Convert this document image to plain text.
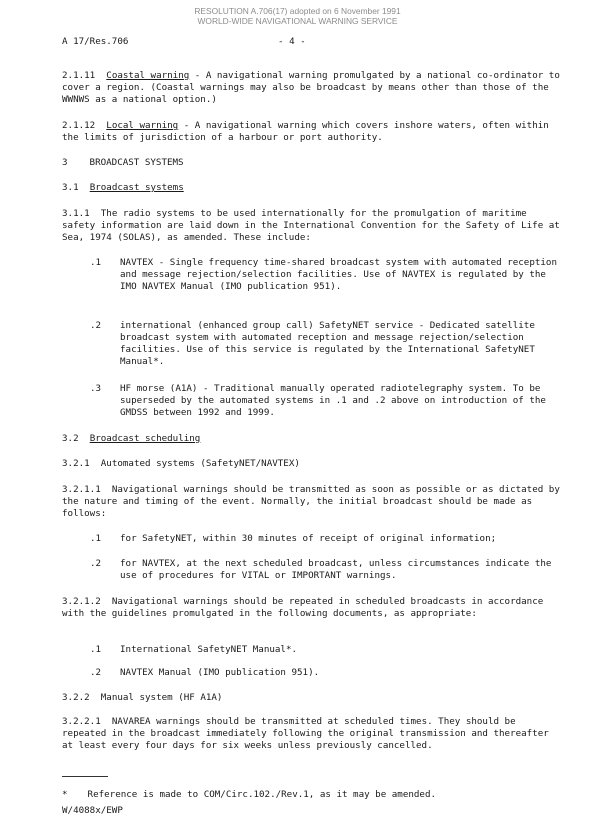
RESOLUTION A.706(17) adopted on 6 November 1991
WORLD-WIDE NAVIGATIONAL WARNING SERVICE
A 17/Res.706	- 4 -

2.1.11 Coastal warning - A navigational warning promulgated by a national co-ordinator to cover a region. (Coastal warnings may also be broadcast by means other than those of the WWNWS as a national option.)

2.1.12 Local warning - A navigational warning which covers inshore waters, often within the limits of jurisdiction of a harbour or port authority.

3 BROADCAST SYSTEMS
3.1 Broadcast systems

3.1.1 The radio systems to be used internationally for the promulgation of maritime safety information are laid down in the International Convention for the Safety of Life at Sea, 1974 (SOLAS), as amended. These include:

.1 NAVTEX - Single frequency time-shared broadcast system with automated reception and message rejection/selection facilities. Use of NAVTEX is regulated by the IMO NAVTEX Manual (IMO publication 951).
.2 international (enhanced group call) SafetyNET service - Dedicated satellite broadcast system with automated reception and message rejection/selection facilities. Use of this service is regulated by the International SafetyNET Manual*.
.3 HF morse (A1A) - Traditional manually operated radiotelegraphy system. To be superseded by the automated systems in .1 and .2 above on introduction of the GMDSS between 1992 and 1999.
3.2 Broadcast scheduling
3.2.1 Automated systems (SafetyNET/NAVTEX)

3.2.1.1 Navigational warnings should be transmitted as soon as possible or as dictated by the nature and timing of the event. Normally, the initial broadcast should be made as follows:

.1 for SafetyNET, within 30 minutes of receipt of original information;
.2 for NAVTEX, at the next scheduled broadcast, unless circumstances indicate the use of procedures for VITAL or IMPORTANT warnings.

3.2.1.2 Navigational warnings should be repeated in scheduled broadcasts in accordance with the guidelines promulgated in the following documents, as appropriate:

.1 International SafetyNET Manual*.
.2 NAVTEX Manual (IMO publication 951).
3.2.2 Manual system (HF A1A)

3.2.2.1 NAVAREA warnings should be transmitted at scheduled times. They should be repeated in the broadcast immediately following the original transmission and thereafter at least every four days for six weeks unless previously cancelled.

* Reference is made to COM/Circ.102./Rev.1, as it may be amended.
W/4088x/EWP
